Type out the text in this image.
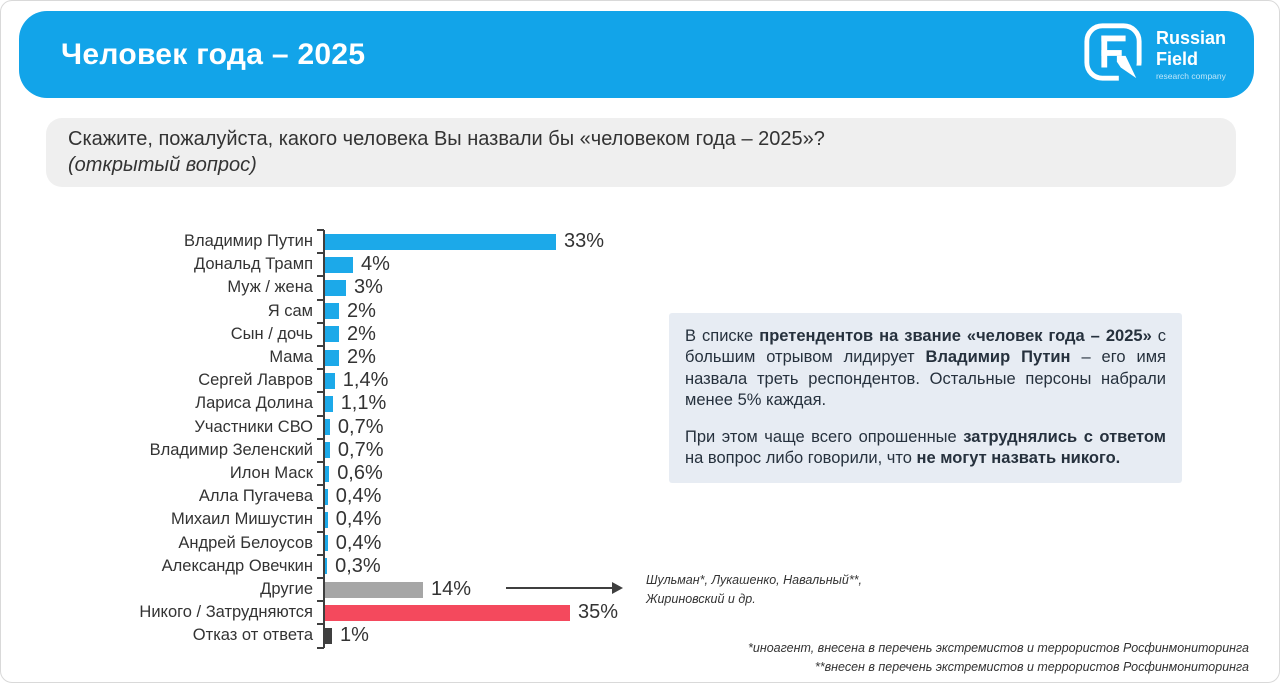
Человек года – 2025	Russian
Field
research company
Скажите, пожалуйста, какого человека Вы назвали бы «человеком года – 2025»?
(открытый вопрос)
Владимир Путин	33%
Дональд Трамп 4%
Муж / жена 3%
Я сам 2%
Сын / дочь 2%
Мама 2%
Сергей Лавров 1,4%
Лариса Долина 1,1%
Участники СВО 0,7%
Владимир Зеленский 0,7%
Илон Маск 0,6%
Алла Пугачева 0,4%
Михаил Мишустин 0,4%
Андрей Белоусов 0,4%
Александр Овечкин 0,3%
Другие	14%
Никого / Затрудняются	35%
Отказ от ответа 1%
Шульман*, Лукашенко, Навальный**,
Жириновский и др.

В списке претендентов на звание «человек года – 2025» с большим отрывом лидирует Владимир Путин – его имя назвала треть респондентов. Остальные персоны набрали менее 5% каждая.

При этом чаще всего опрошенные затруднялись с ответом на вопрос либо говорили, что не могут назвать никого.

*иноагент, внесена в перечень экстремистов и террористов Росфинмониторинга
**внесен в перечень экстремистов и террористов Росфинмониторинга
